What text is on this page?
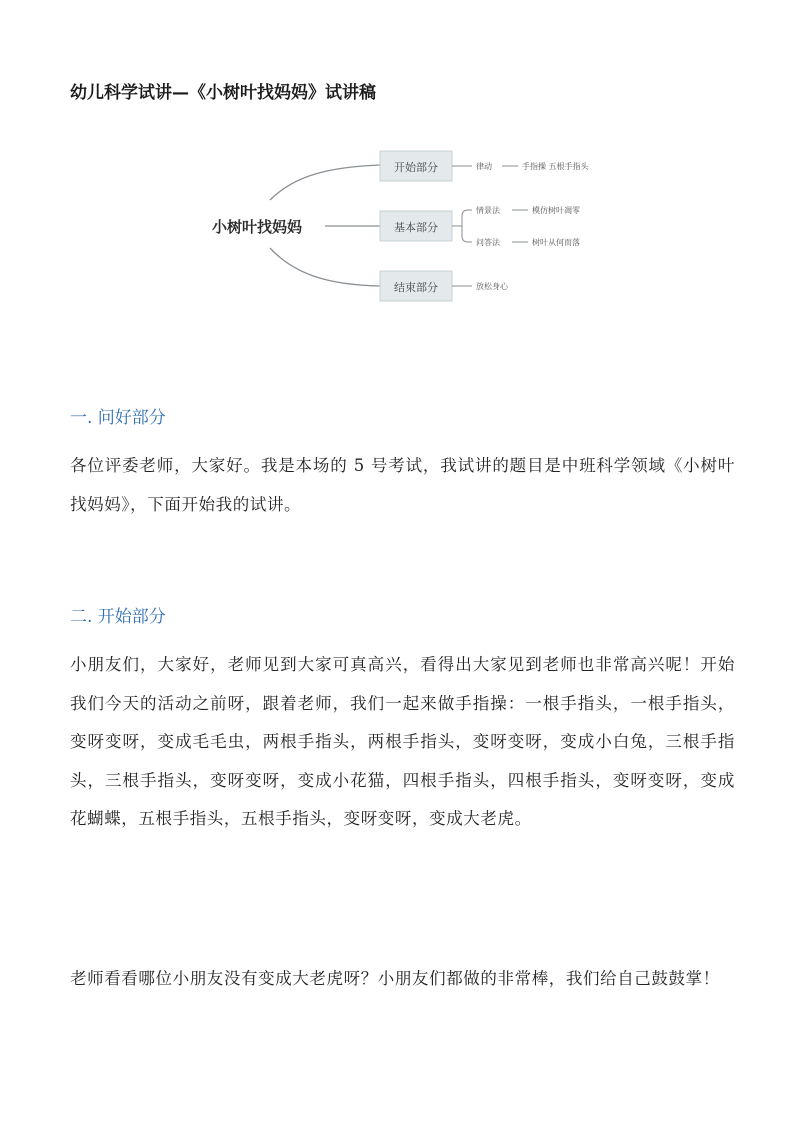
幼儿科学试讲—《小树叶找妈妈》试讲稿
小树叶找妈妈
开始部分
基本部分
结束部分
律动	手指操 五根手指头
情景法	模仿树叶凋零
问答法	树叶从何而落
放松身心
一. 问好部分
各位评委老师，大家好。我是本场的 5 号考试，我试讲的题目是中班科学领域《小树叶找妈妈》，下面开始我的试讲。
二. 开始部分
小朋友们，大家好，老师见到大家可真高兴，看得出大家见到老师也非常高兴呢！开始我们今天的活动之前呀，跟着老师，我们一起来做手指操：一根手指头，一根手指头，变呀变呀，变成毛毛虫，两根手指头，两根手指头，变呀变呀，变成小白兔，三根手指头，三根手指头，变呀变呀，变成小花猫，四根手指头，四根手指头，变呀变呀，变成花蝴蝶，五根手指头，五根手指头，变呀变呀，变成大老虎。
老师看看哪位小朋友没有变成大老虎呀？小朋友们都做的非常棒，我们给自己鼓鼓掌！
